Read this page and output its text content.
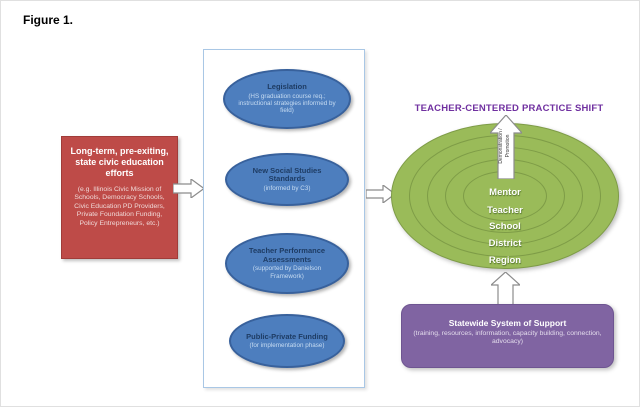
Figure 1.
Long-term, pre-exiting, state civic education efforts
(e.g. Illinois Civic Mission of Schools, Democracy Schools, Civic Education PD Providers, Private Foundation Funding, Policy Entrepreneurs, etc.)
Legislation
(HS graduation course req.; instructional strategies informed by field)
New Social Studies Standards
(informed by C3)
Teacher Performance Assessments
(supported by Danielson Framework)
Public-Private Funding
(for implementation phase)
TEACHER-CENTERED PRACTICE SHIFT
Demonstration / Promotion
Mentor
Teacher
School
District
Region
Statewide System of Support
(training, resources, information, capacity building, connection, advocacy)
